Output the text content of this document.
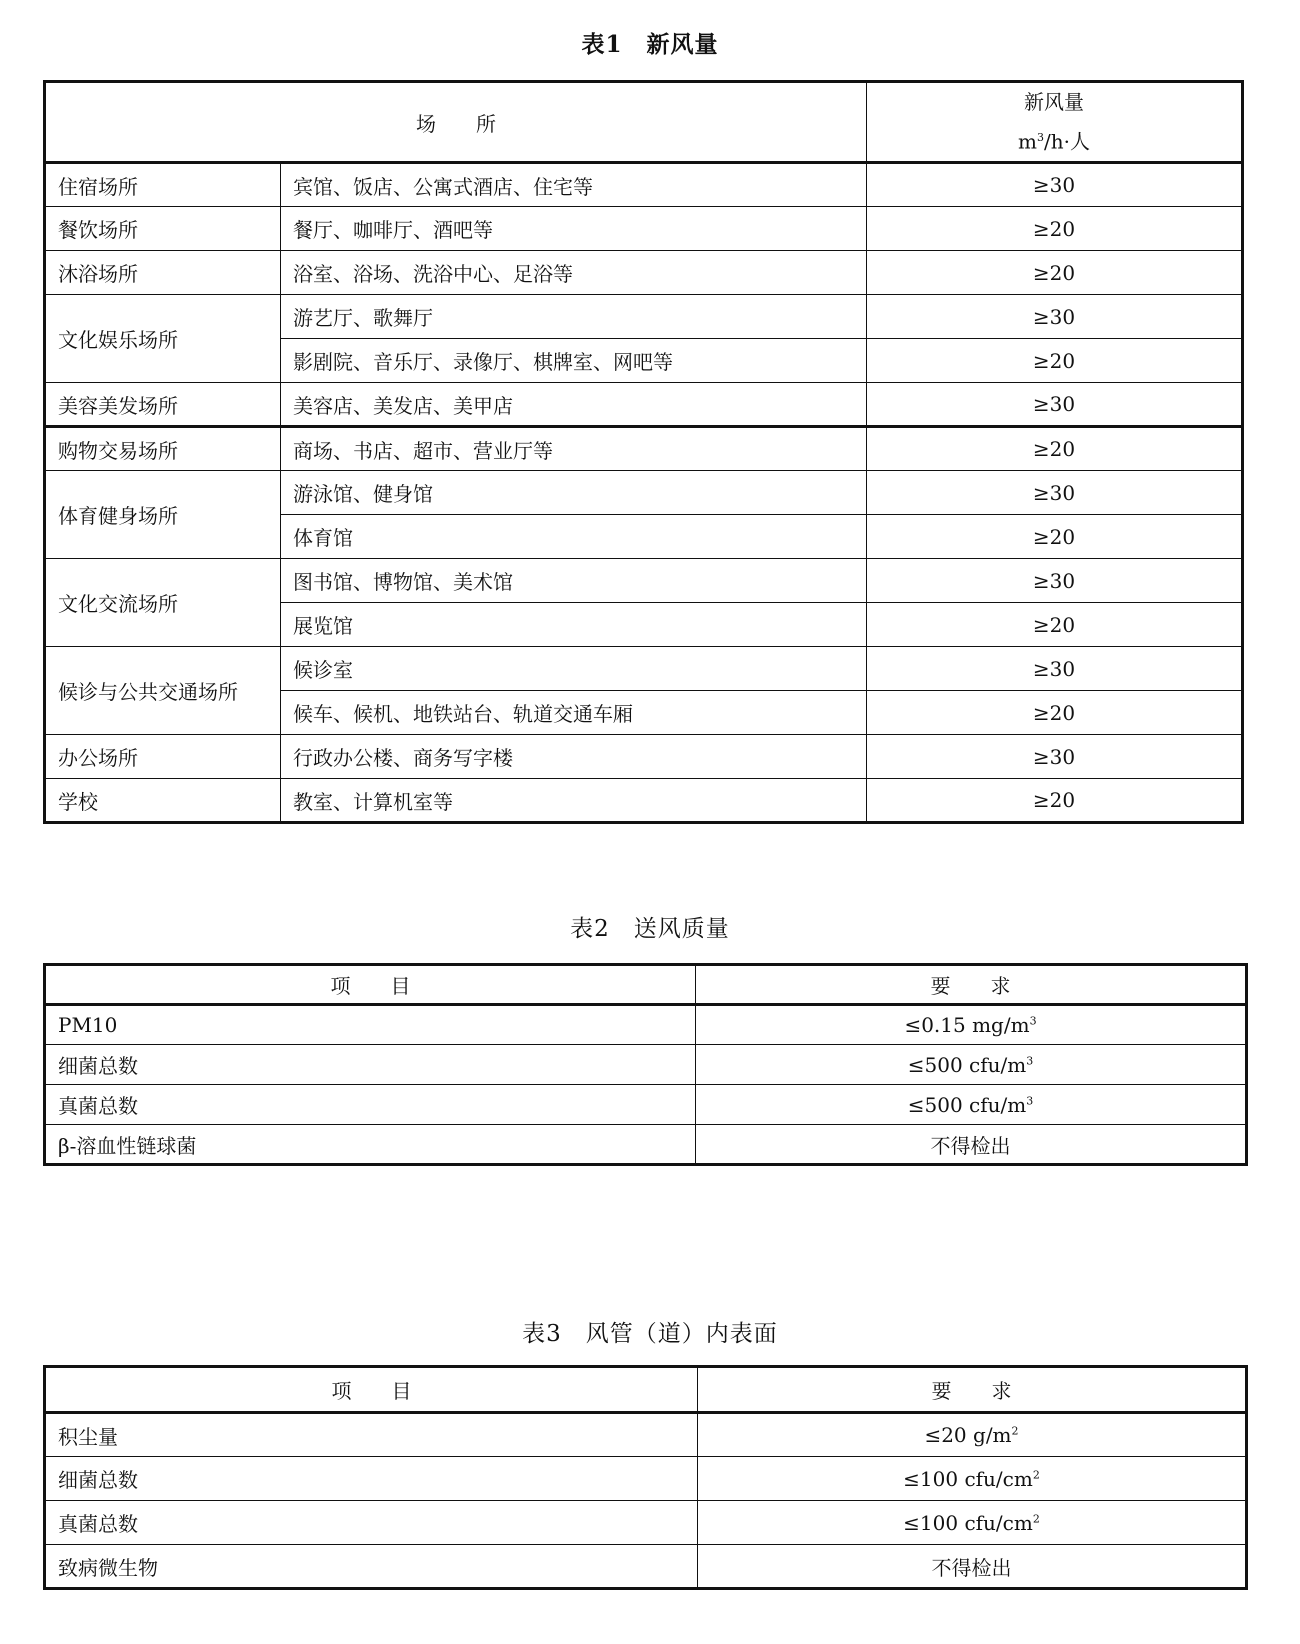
表1　新风量
场　　所		新风量
$m^3/h\cdot$人

住宿场所	宾馆、饭店、公寓式酒店、住宅等	≥30
餐饮场所	餐厅、咖啡厅、酒吧等	≥20
沐浴场所	浴室、浴场、洗浴中心、足浴等	≥20
文化娱乐场所	游艺厅、歌舞厅	≥30
	影剧院、音乐厅、录像厅、棋牌室、网吧等	≥20
美容美发场所	美容店、美发店、美甲店	≥30
购物交易场所	商场、书店、超市、营业厅等	≥20
体育健身场所	游泳馆、健身馆	≥30
	体育馆	≥20
文化交流场所	图书馆、博物馆、美术馆	≥30
	展览馆	≥20
候诊与公共交通场所	候诊室	≥30
	候车、候机、地铁站台、轨道交通车厢	≥20
办公场所	行政办公楼、商务写字楼	≥30
学校	教室、计算机室等	≥20
表2　送风质量
项　　目	要　　求
PM10	≤0.15 $mg/m^3$
细菌总数	≤500 cfu/$m^3$
真菌总数	≤500 cfu/$m^3$
β-溶血性链球菌	不得检出
表3　风管（道）内表面
项　　目	要　　求
积尘量	≤20 $g/m^2$
细菌总数	≤100 cfu/$cm^2$
真菌总数	≤100 cfu/$cm^2$
致病微生物	不得检出
